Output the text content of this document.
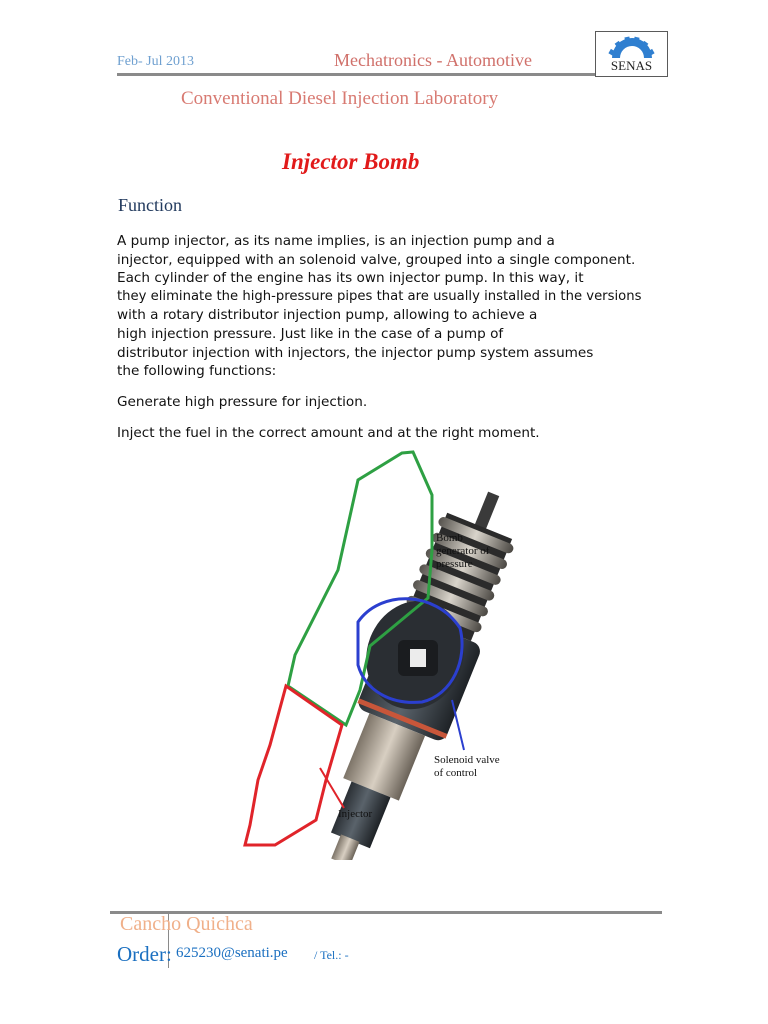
Feb- Jul 2013	Mechatronics - Automotive	SENAS
Conventional Diesel Injection Laboratory
Injector Bomb
Function
A pump injector, as its name implies, is an injection pump and a
injector, equipped with an solenoid valve, grouped into a single component.
Each cylinder of the engine has its own injector pump. In this way, it
they eliminate the high-pressure pipes that are usually installed in the versions
with a rotary distributor injection pump, allowing to achieve a
high injection pressure. Just like in the case of a pump of
distributor injection with injectors, the injector pump system assumes
the following functions:
Generate high pressure for injection.
Inject the fuel in the correct amount and at the right moment.
Bomb
generator of
pressure
Solenoid valve
of control
Injector
Cancho Quichca
Order: 625230@senati.pe / Tel.: -
